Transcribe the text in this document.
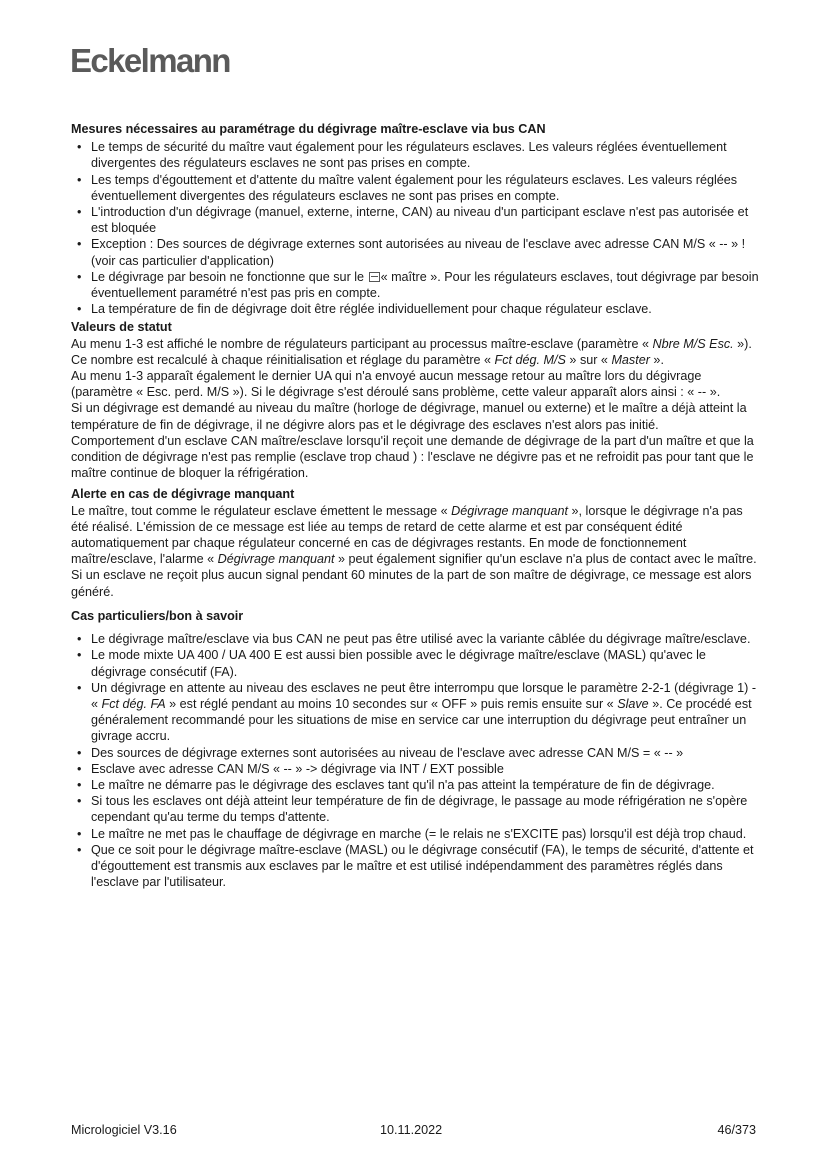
Eckelmann

Mesures nécessaires au paramétrage du dégivrage maître-esclave via bus CAN

• Le temps de sécurité du maître vaut également pour les régulateurs esclaves. Les valeurs réglées éventuellement divergentes des régulateurs esclaves ne sont pas prises en compte.
• Les temps d'égouttement et d'attente du maître valent également pour les régulateurs esclaves. Les valeurs réglées éventuellement divergentes des régulateurs esclaves ne sont pas prises en compte.
• L'introduction d'un dégivrage (manuel, externe, interne, CAN) au niveau d'un participant esclave n'est pas autorisée et est bloquée
• Exception : Des sources de dégivrage externes sont autorisées au niveau de l'esclave avec adresse CAN M/S « -- » ! (voir cas particulier d'application)
• Le dégivrage par besoin ne fonctionne que sur le « maître ». Pour les régulateurs esclaves, tout dégivrage par besoin éventuellement paramétré n'est pas pris en compte.
• La température de fin de dégivrage doit être réglée individuellement pour chaque régulateur esclave.

Valeurs de statut

Au menu 1-3 est affiché le nombre de régulateurs participant au processus maître-esclave (paramètre « Nbre M/S Esc. »). Ce nombre est recalculé à chaque réinitialisation et réglage du paramètre « Fct dég. M/S » sur « Master ».

Au menu 1-3 apparaît également le dernier UA qui n'a envoyé aucun message retour au maître lors du dégivrage (paramètre « Esc. perd. M/S »). Si le dégivrage s'est déroulé sans problème, cette valeur apparaît alors ainsi : « -- ».

Si un dégivrage est demandé au niveau du maître (horloge de dégivrage, manuel ou externe) et le maître a déjà atteint la température de fin de dégivrage, il ne dégivre alors pas et le dégivrage des esclaves n'est alors pas initié.

Comportement d'un esclave CAN maître/esclave lorsqu'il reçoit une demande de dégivrage de la part d'un maître et que la condition de dégivrage n'est pas remplie (esclave trop chaud ) : l'esclave ne dégivre pas et ne refroidit pas pour tant que le maître continue de bloquer la réfrigération.

Alerte en cas de dégivrage manquant

Le maître, tout comme le régulateur esclave émettent le message « Dégivrage manquant », lorsque le dégivrage n'a pas été réalisé. L'émission de ce message est liée au temps de retard de cette alarme et est par conséquent édité automatiquement par chaque régulateur concerné en cas de dégivrages restants. En mode de fonctionnement maître/esclave, l'alarme « Dégivrage manquant » peut également signifier qu'un esclave n'a plus de contact avec le maître. Si un esclave ne reçoit plus aucun signal pendant 60 minutes de la part de son maître de dégivrage, ce message est alors généré.

Cas particuliers/bon à savoir

• Le dégivrage maître/esclave via bus CAN ne peut pas être utilisé avec la variante câblée du dégivrage maître/esclave.
• Le mode mixte UA 400 / UA 400 E est aussi bien possible avec le dégivrage maître/esclave (MASL) qu'avec le dégivrage consécutif (FA).
• Un dégivrage en attente au niveau des esclaves ne peut être interrompu que lorsque le paramètre 2-2-1 (dégivrage 1) - « Fct dég. FA » est réglé pendant au moins 10 secondes sur « OFF » puis remis ensuite sur « Slave ». Ce procédé est généralement recommandé pour les situations de mise en service car une interruption du dégivrage peut entraîner un givrage accru.
• Des sources de dégivrage externes sont autorisées au niveau de l'esclave avec adresse CAN M/S = « -- »
• Esclave avec adresse CAN M/S « -- » -> dégivrage via INT / EXT possible
• Le maître ne démarre pas le dégivrage des esclaves tant qu'il n'a pas atteint la température de fin de dégivrage.
• Si tous les esclaves ont déjà atteint leur température de fin de dégivrage, le passage au mode réfrigération ne s'opère cependant qu'au terme du temps d'attente.
• Le maître ne met pas le chauffage de dégivrage en marche (= le relais ne s'EXCITE pas) lorsqu'il est déjà trop chaud.
• Que ce soit pour le dégivrage maître-esclave (MASL) ou le dégivrage consécutif (FA), le temps de sécurité, d'attente et d'égouttement est transmis aux esclaves par le maître et est utilisé indépendamment des paramètres réglés dans l'esclave par l'utilisateur.
Micrologiciel V3.16	10.11.2022	46/373
